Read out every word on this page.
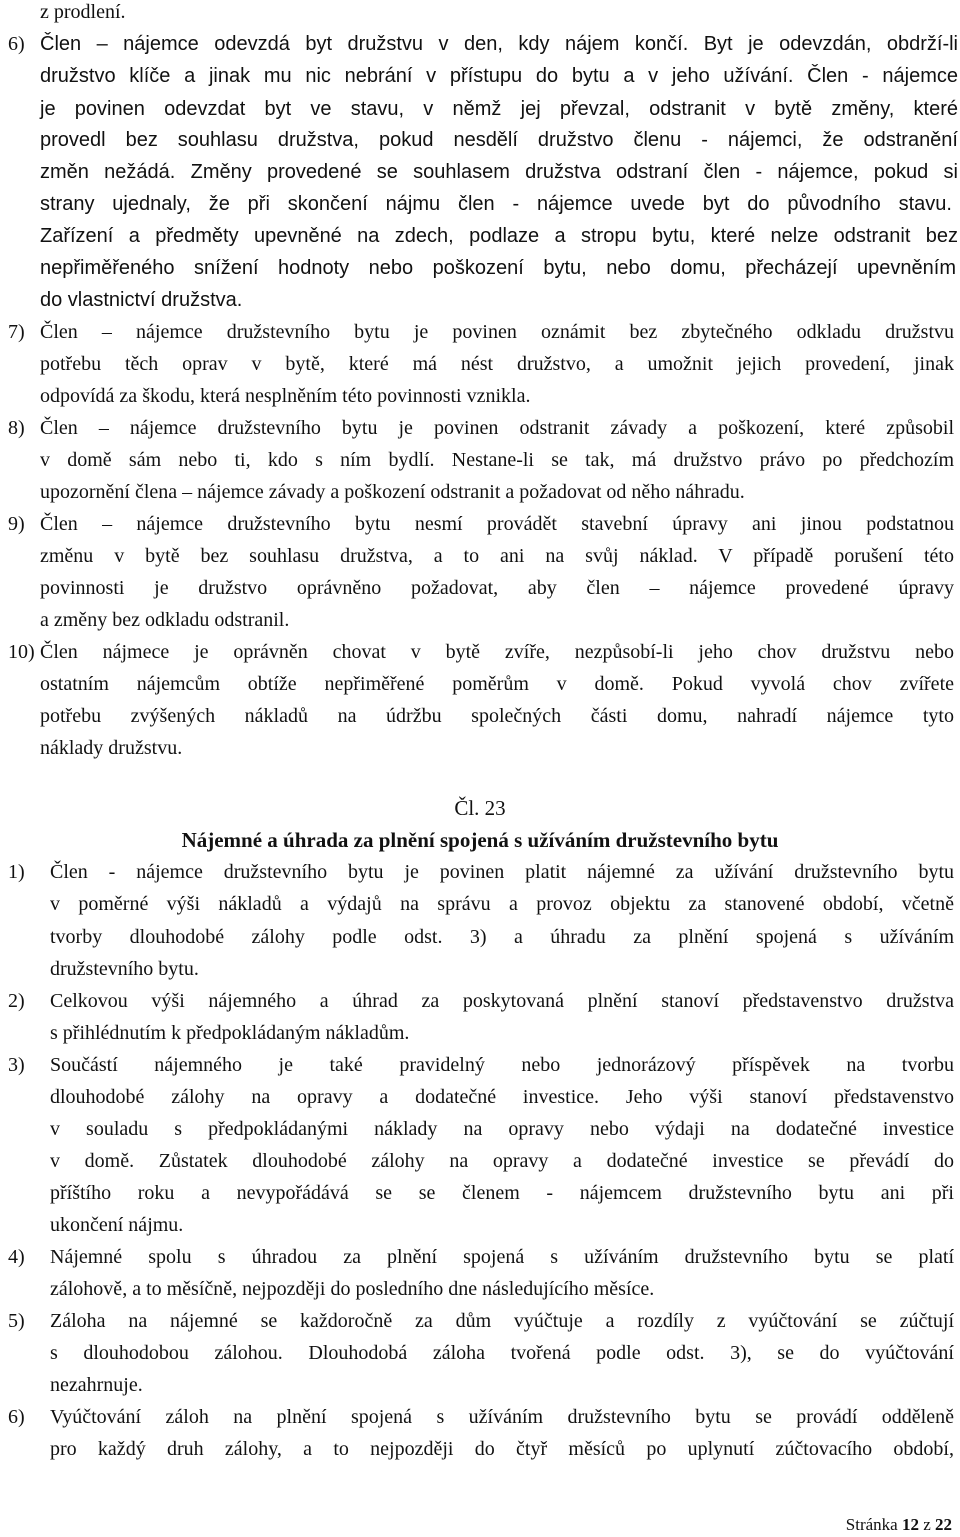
z prodlení.
6) Člen – nájemce odevzdá byt družstvu v den, kdy nájem končí. Byt je odevzdán, obdrží-li
družstvo klíče a jinak mu nic nebrání v přístupu do bytu a v jeho užívání. Člen - nájemce
je povinen odevzdat byt ve stavu, v němž jej převzal, odstranit v bytě změny, které
provedl bez souhlasu družstva, pokud nesdělí družstvo členu - nájemci, že odstranění
změn nežádá. Změny provedené se souhlasem družstva odstraní člen - nájemce, pokud si
strany ujednaly, že při skončení nájmu člen - nájemce uvede byt do původního stavu.
Zařízení a předměty upevněné na zdech, podlaze a stropu bytu, které nelze odstranit bez
nepřiměřeného snížení hodnoty nebo poškození bytu, nebo domu, přecházejí upevněním
do vlastnictví družstva.
7) Člen – nájemce družstevního bytu je povinen oznámit bez zbytečného odkladu družstvu
potřebu těch oprav v bytě, které má nést družstvo, a umožnit jejich provedení, jinak
odpovídá za škodu, která nesplněním této povinnosti vznikla.
8) Člen – nájemce družstevního bytu je povinen odstranit závady a poškození, které způsobil
v domě sám nebo ti, kdo s ním bydlí. Nestane-li se tak, má družstvo právo po předchozím
upozornění člena – nájemce závady a poškození odstranit a požadovat od něho náhradu.
9) Člen – nájemce družstevního bytu nesmí provádět stavební úpravy ani jinou podstatnou
změnu v bytě bez souhlasu družstva, a to ani na svůj náklad. V případě porušení této
povinnosti je družstvo oprávněno požadovat, aby člen – nájemce provedené úpravy
a změny bez odkladu odstranil.
10) Člen nájmece je oprávněn chovat v bytě zvíře, nezpůsobí-li jeho chov družstvu nebo
ostatním nájemcům obtíže nepřiměřené poměrům v domě. Pokud vyvolá chov zvířete
potřebu zvýšených nákladů na údržbu společných části domu, nahradí nájemce tyto
náklady družstvu.
Čl. 23
Nájemné a úhrada za plnění spojená s užíváním družstevního bytu
1) Člen - nájemce družstevního bytu je povinen platit nájemné za užívání družstevního bytu
v poměrné výši nákladů a výdajů na správu a provoz objektu za stanovené období, včetně
tvorby dlouhodobé zálohy podle odst. 3) a úhradu za plnění spojená s užíváním
družstevního bytu.
2) Celkovou výši nájemného a úhrad za poskytovaná plnění stanoví představenstvo družstva
s přihlédnutím k předpokládaným nákladům.
3) Součástí nájemného je také pravidelný nebo jednorázový příspěvek na tvorbu
dlouhodobé zálohy na opravy a dodatečné investice. Jeho výši stanoví představenstvo
v souladu s předpokládanými náklady na opravy nebo výdaji na dodatečné investice
v domě. Zůstatek dlouhodobé zálohy na opravy a dodatečné investice se převádí do
příštího roku a nevypořádává se se členem - nájemcem družstevního bytu ani při
ukončení nájmu.
4) Nájemné spolu s úhradou za plnění spojená s užíváním družstevního bytu se platí
zálohově, a to měsíčně, nejpozději do posledního dne následujícího měsíce.
5) Záloha na nájemné se každoročně za dům vyúčtuje a rozdíly z vyúčtování se zúčtují
s dlouhodobou zálohou. Dlouhodobá záloha tvořená podle odst. 3), se do vyúčtování
nezahrnuje.
6) Vyúčtování záloh na plnění spojená s užíváním družstevního bytu se provádí odděleně
pro každý druh zálohy, a to nejpozději do čtyř měsíců po uplynutí zúčtovacího období,
Stránka 12 z 22
